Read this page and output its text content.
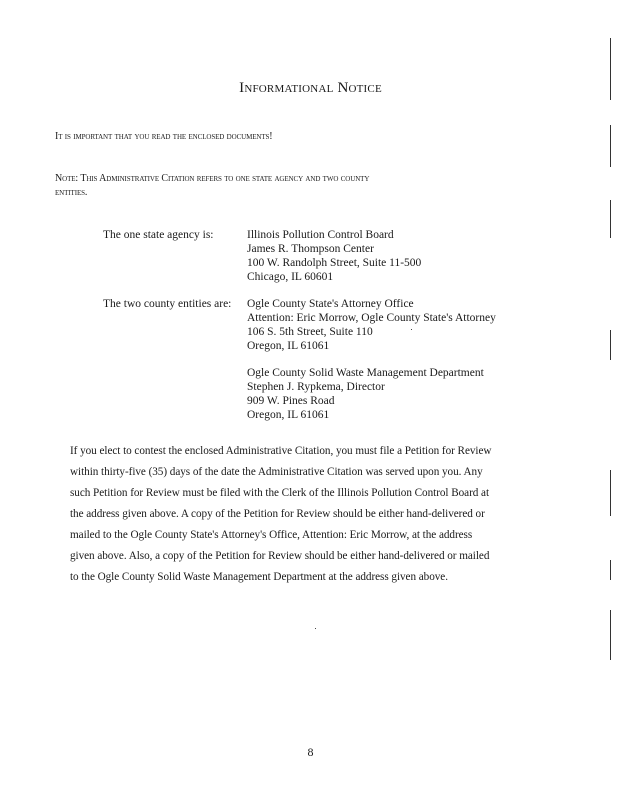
Informational Notice
It is important that you read the enclosed documents!
Note: This Administrative Citation refers to one state agency and two county
entities.
The one state agency is:	Illinois Pollution Control Board
James R. Thompson Center
100 W. Randolph Street, Suite 11-500
Chicago, IL 60601
The two county entities are: Ogle County State's Attorney Office
Attention: Eric Morrow, Ogle County State's Attorney
106 S. 5th Street, Suite 110
Oregon, IL 61061
Ogle County Solid Waste Management Department
Stephen J. Rypkema, Director
909 W. Pines Road
Oregon, IL 61061
If you elect to contest the enclosed Administrative Citation, you must file a Petition for Review
within thirty-five (35) days of the date the Administrative Citation was served upon you. Any
such Petition for Review must be filed with the Clerk of the Illinois Pollution Control Board at
the address given above. A copy of the Petition for Review should be either hand-delivered or
mailed to the Ogle County State's Attorney's Office, Attention: Eric Morrow, at the address
given above. Also, a copy of the Petition for Review should be either hand-delivered or mailed
to the Ogle County Solid Waste Management Department at the address given above.
8
